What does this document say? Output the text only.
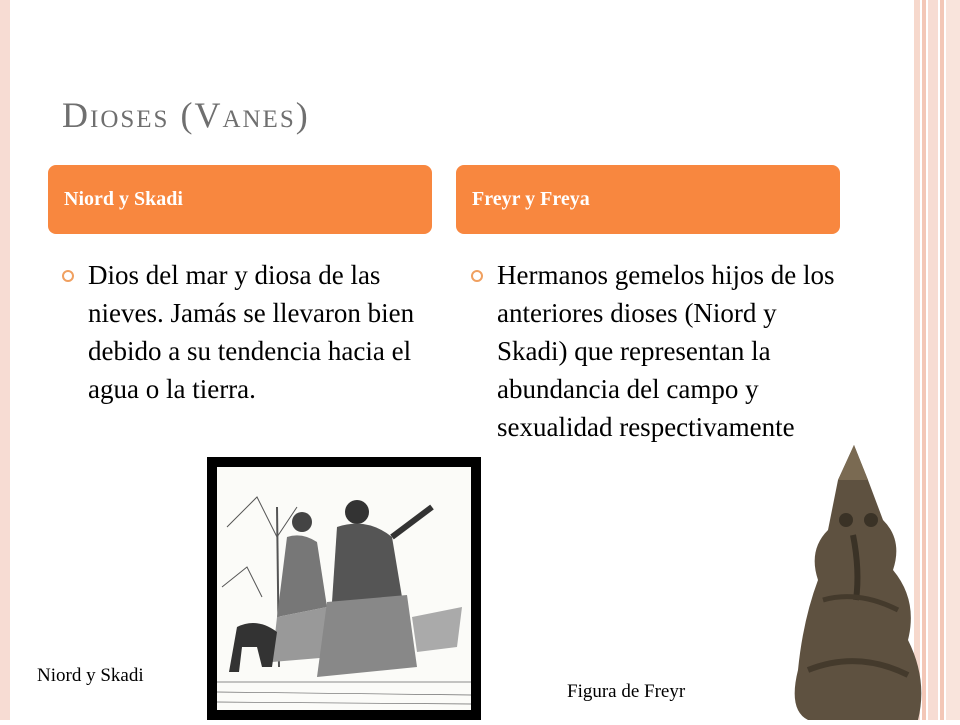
Dioses (Vanes)
Niord y Skadi	Freyr y Freya
Dios del mar y diosa de las nieves. Jamás se llevaron bien debido a su tendencia hacia el agua o la tierra.
Hermanos gemelos hijos de los anteriores dioses (Niord y Skadi) que representan la abundancia del campo y sexualidad respectivamente
Niord y Skadi
Figura de Freyr
